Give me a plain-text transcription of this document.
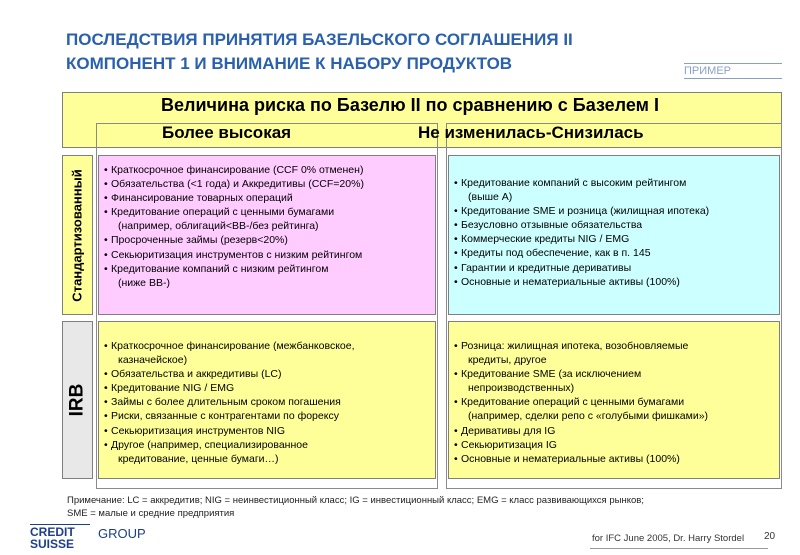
ПОСЛЕДСТВИЯ ПРИНЯТИЯ БАЗЕЛЬСКОГО СОГЛАШЕНИЯ II
КОМПОНЕНТ 1 И ВНИМАНИЕ К НАБОРУ ПРОДУКТОВ	ПРИМЕР
Величина риска по Базелю II по сравнению с Базелем I
Более высокая	Не изменилась-Снизилась
Стандартизованный
IRB
• Краткосрочное финансирование (CCF 0% отменен)
• Обязательства (<1 года) и Аккредитивы (CCF=20%)
• Финансирование товарных операций
• Кредитование операций с ценными бумагами
(например, облигаций<BB-/без рейтинга)
• Просроченные займы (резерв<20%)
• Секьюритизация инструментов с низким рейтингом
• Кредитование компаний с низким рейтингом
(ниже BB-)
• Кредитование компаний с высоким рейтингом
(выше A)
• Кредитование SME и розница (жилищная ипотека)
• Безусловно отзывные обязательства
• Коммерческие кредиты NIG / EMG
• Кредиты под обеспечение, как в п. 145
• Гарантии и кредитные деривативы
• Основные и нематериальные активы (100%)
• Краткосрочное финансирование (межбанковское,
казначейское)
• Обязательства и аккредитивы (LC)
• Кредитование NIG / EMG
• Займы с более длительным сроком погашения
• Риски, связанные с контрагентами по форексу
• Секьюритизация инструментов NIG
• Другое (например, специализированное
кредитование, ценные бумаги…)
• Розница: жилищная ипотека, возобновляемые
кредиты, другое
• Кредитование SME (за исключением
непроизводственных)
• Кредитование операций с ценными бумагами
(например, сделки репо с «голубыми фишками»)
• Деривативы для IG
• Секьюритизация IG
• Основные и нематериальные активы (100%)
Примечание: LC = аккредитив; NIG = неинвестиционный класс; IG = инвестиционный класс; EMG = класс развивающихся рынков;
SME = малые и средние предприятия
CREDIT
SUISSE
GROUP	for IFC June 2005, Dr. Harry Stordel 20
